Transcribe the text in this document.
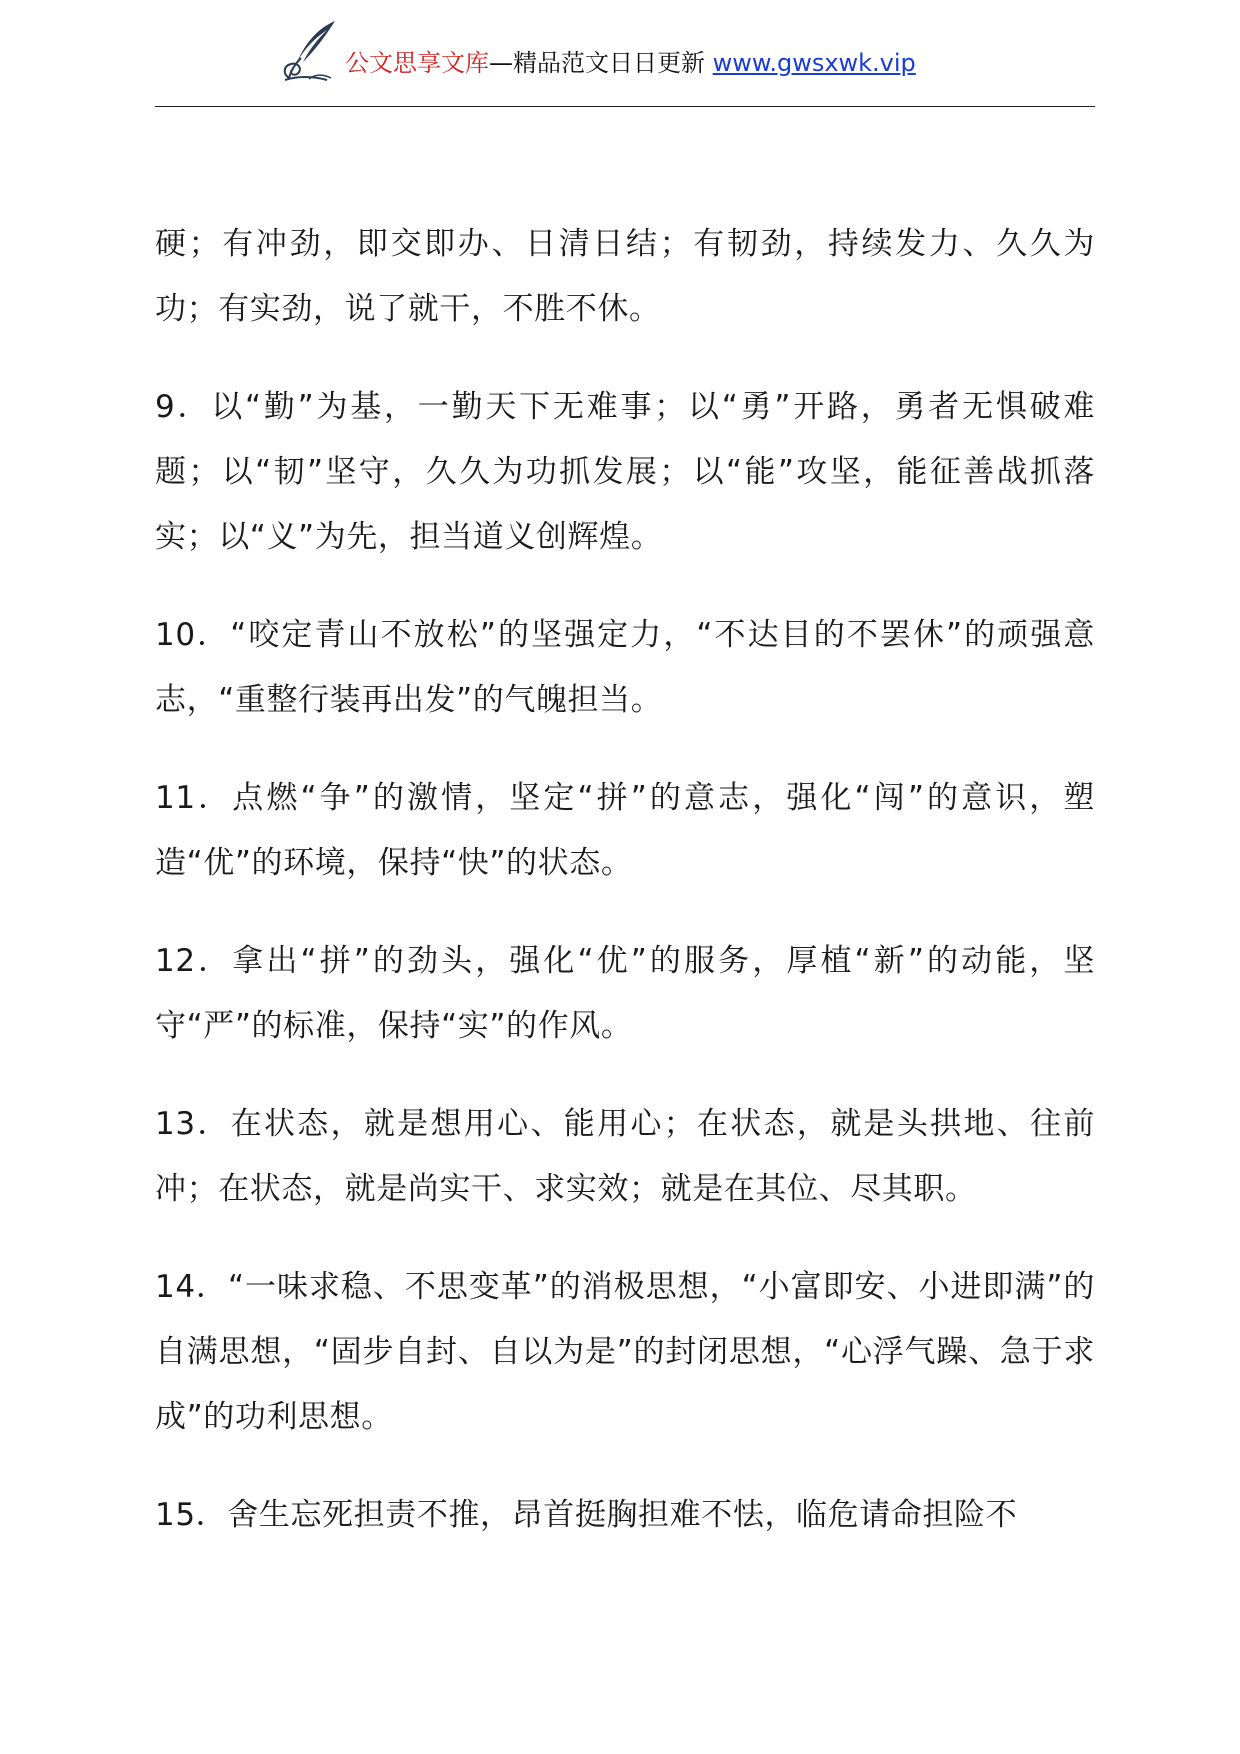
公文思享文库—精品范文日日更新 www.gwsxwk.vip

硬；有冲劲，即交即办、日清日结；有韧劲，持续发力、久久为功；有实劲，说了就干，不胜不休。

9．以“勤”为基，一勤天下无难事；以“勇”开路，勇者无惧破难题；以“韧”坚守，久久为功抓发展；以“能”攻坚，能征善战抓落实；以“义”为先，担当道义创辉煌。

10．“咬定青山不放松”的坚强定力，“不达目的不罢休”的顽强意志，“重整行装再出发”的气魄担当。

11．点燃“争”的激情，坚定“拼”的意志，强化“闯”的意识，塑造“优”的环境，保持“快”的状态。

12．拿出“拼”的劲头，强化“优”的服务，厚植“新”的动能，坚守“严”的标准，保持“实”的作风。

13．在状态，就是想用心、能用心；在状态，就是头拱地、往前冲；在状态，就是尚实干、求实效；就是在其位、尽其职。

14．“一味求稳、不思变革”的消极思想，“小富即安、小进即满”的自满思想，“固步自封、自以为是”的封闭思想，“心浮气躁、急于求成”的功利思想。

15．舍生忘死担责不推，昂首挺胸担难不怯，临危请命担险不
